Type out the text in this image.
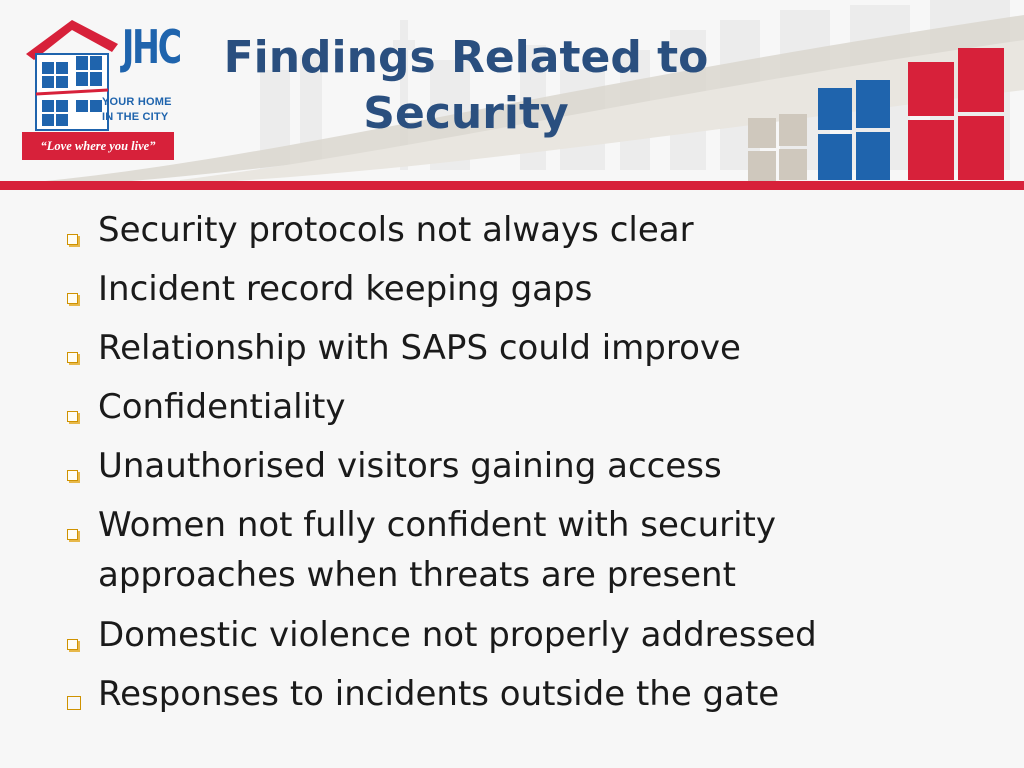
JHC
YOUR HOME
IN THE CITY
“Love where you live”
Findings Related to
Security
Security protocols not always clear
Incident record keeping gaps
Relationship with SAPS could improve
Confidentiality
Unauthorised visitors gaining access
Women not fully confident with security
approaches when threats are present
Domestic violence not properly addressed
Responses to incidents outside the gate
